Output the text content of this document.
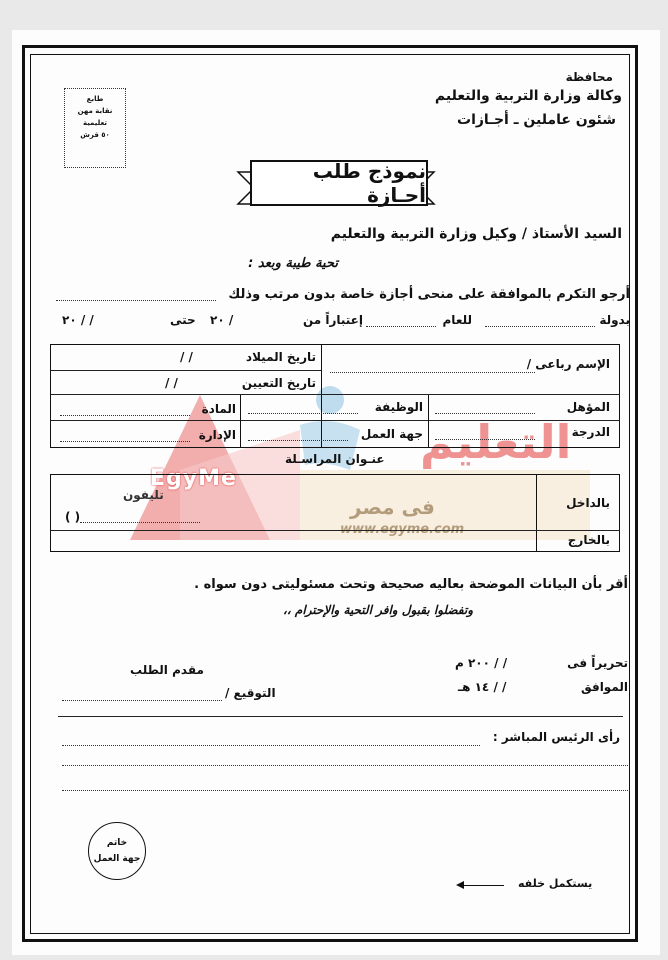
EgyMe
التعليم
فى مصر
www.egyme.com
محافظة
وكالة وزارة التربية والتعليم
شئون عاملين ـ أجـازات
طابع
نقابة مهن
تعليمية
٥٠ قرش
نموذج طلب أجـازة
السيد الأستاذ / وكيل وزارة التربية والتعليم
تحية طيبة وبعد :
أرجو التكرم بالموافقة على منحى أجازة خاصة بدون مرتب وذلك
بدولة
للعام
إعتباراً من
/ ٢٠
حتى
/ / ٢٠
الإسم رباعى /
تاريخ الميلاد
/ /
تاريخ التعيين
/ /
المؤهل
الوظيفة
المادة
الدرجة
جهة العمل
الإدارة
عنـوان المراسـلة
بالداخل
بالخارج
تليفون
( )
أقر بأن البيانات الموضحة بعاليه صحيحة وتحت مسئوليتى دون سواه .
وتفضلوا بقبول وافر التحية والإحترام ،،
تحريراً فى
/ / ٢٠٠ م
الموافق
/ / ١٤ هـ
مقدم الطلب
التوقيع /
رأى الرئيس المباشر :
خاتم
جهة العمل
يستكمل خلفه
